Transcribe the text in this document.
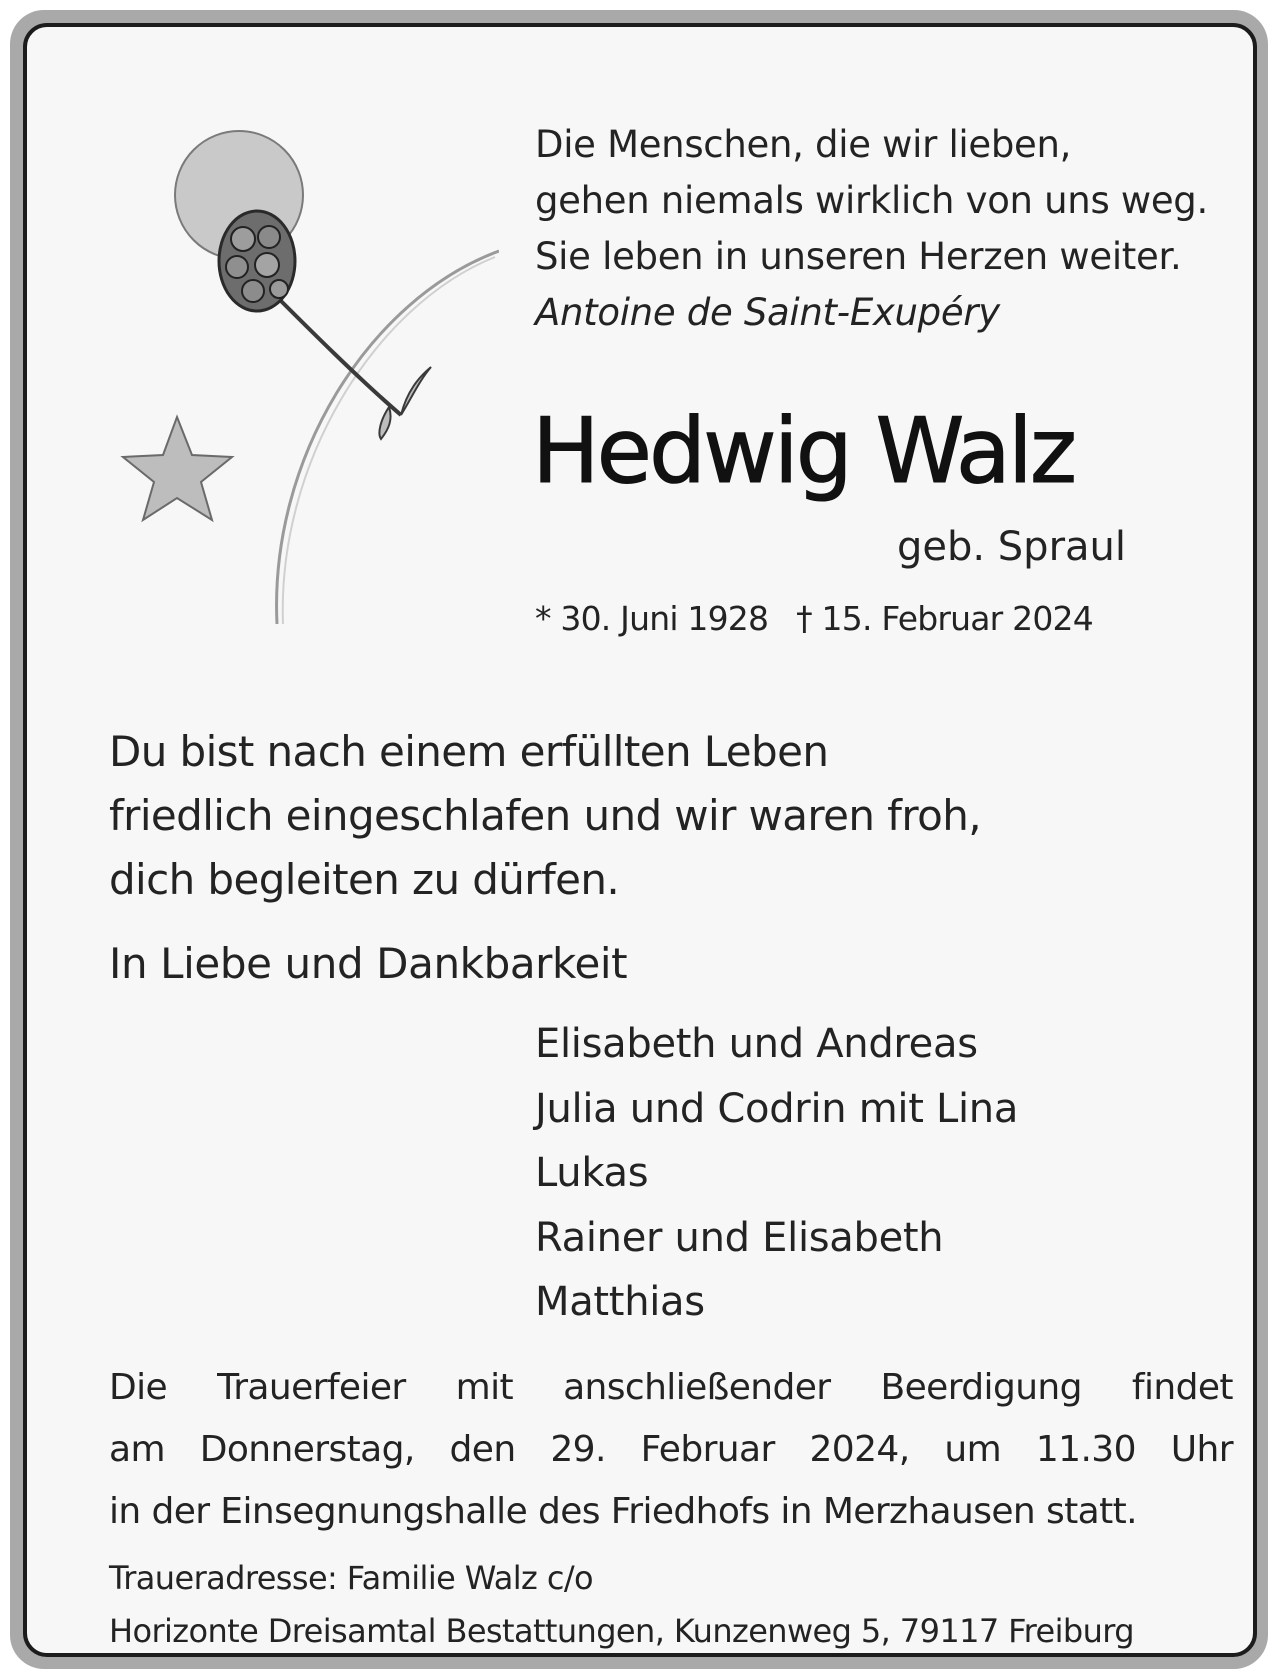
Die Menschen, die wir lieben,
gehen niemals wirklich von uns weg.
Sie leben in unseren Herzen weiter.
Antoine de Saint-Exupéry
Hedwig Walz
geb. Spraul
* 30. Juni 1928 † 15. Februar 2024
Du bist nach einem erfüllten Leben
friedlich eingeschlafen und wir waren froh,
dich begleiten zu dürfen.
In Liebe und Dankbarkeit
Elisabeth und Andreas
Julia und Codrin mit Lina
Lukas
Rainer und Elisabeth
Matthias
Die Trauerfeier mit anschließender Beerdigung findet
am Donnerstag, den 29. Februar 2024, um 11.30 Uhr
in der Einsegnungshalle des Friedhofs in Merzhausen statt.
Traueradresse: Familie Walz c/o
Horizonte Dreisamtal Bestattungen, Kunzenweg 5, 79117 Freiburg
